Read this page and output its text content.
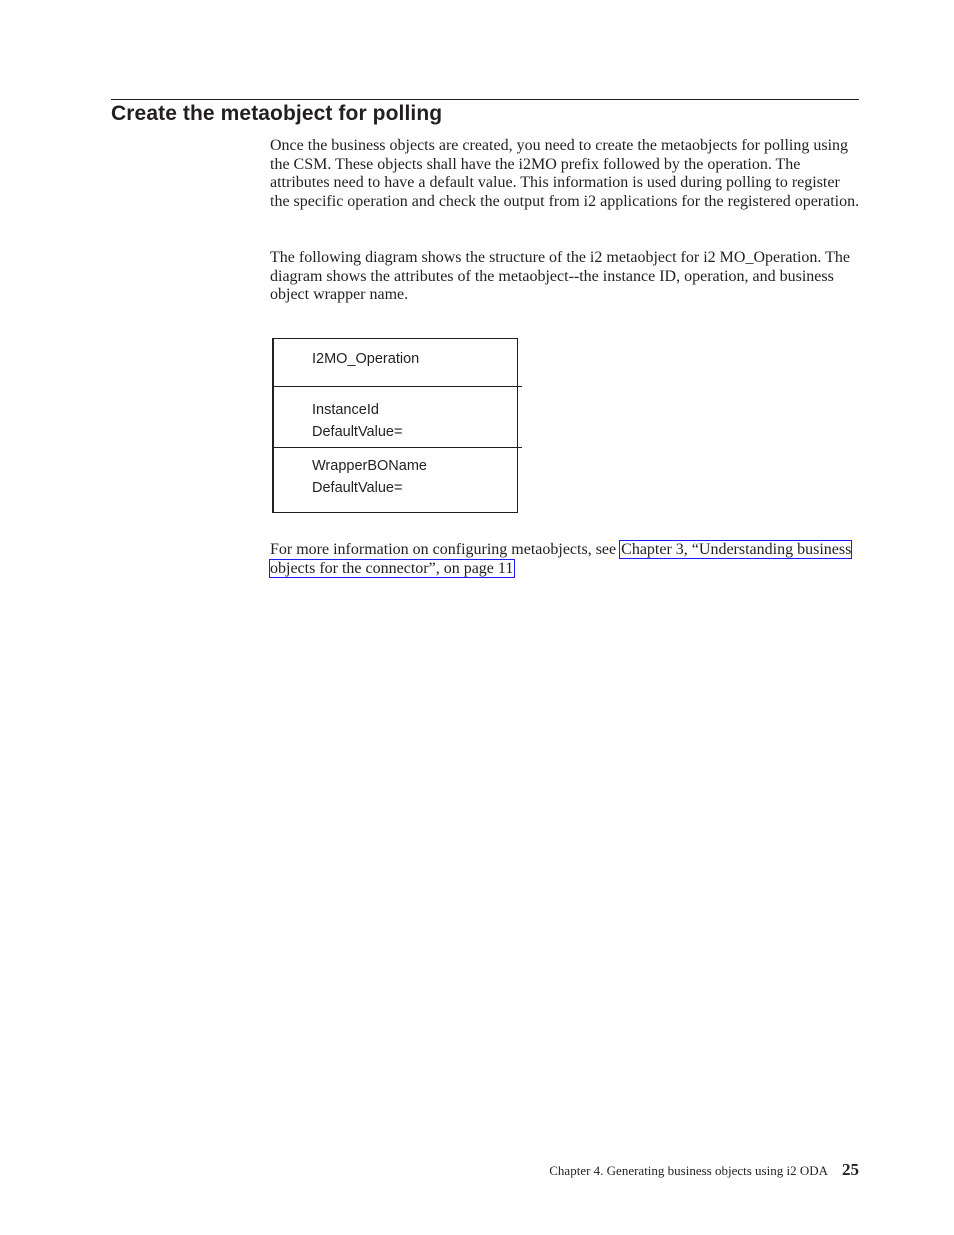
Create the metaobject for polling

Once the business objects are created, you need to create the metaobjects for polling using the CSM. These objects shall have the i2MO prefix followed by the operation. The attributes need to have a default value. This information is used during polling to register the specific operation and check the output from i2 applications for the registered operation.

The following diagram shows the structure of the i2 metaobject for i2 MO_Operation. The diagram shows the attributes of the metaobject--the instance ID, operation, and business object wrapper name.

I2MO_Operation
InstanceId
DefaultValue=
WrapperBOName
DefaultValue=

For more information on configuring metaobjects, see Chapter 3, “Understanding business objects for the connector”, on page 11

Chapter 4. Generating business objects using i2 ODA 25
